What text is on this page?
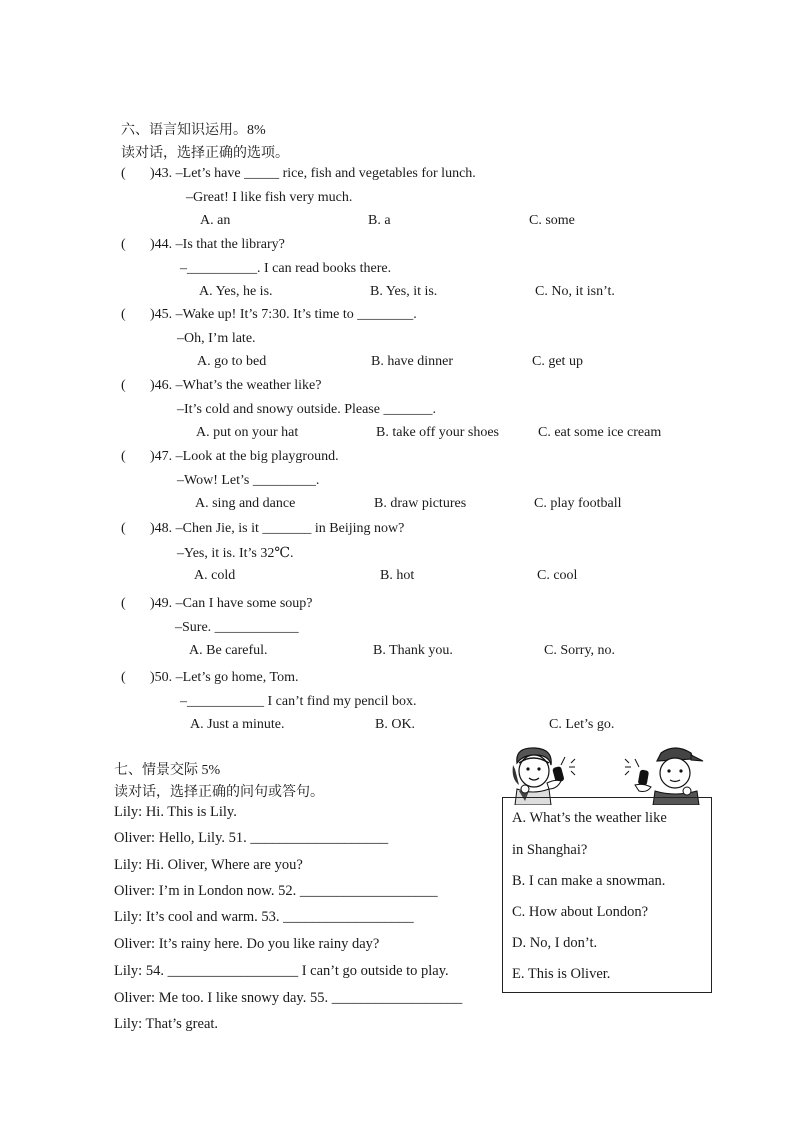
六、语言知识运用。8%
读对话，选择正确的选项。
( )43. –Let’s have _____ rice, fish and vegetables for lunch.
–Great! I like fish very much.
A. an	B. a	C. some
( )44. –Is that the library?
–__________. I can read books there.
A. Yes, he is.	B. Yes, it is.	C. No, it isn’t.
( )45. –Wake up! It’s 7:30. It’s time to ________.
–Oh, I’m late.
A. go to bed	B. have dinner	C. get up
( )46. –What’s the weather like?
–It’s cold and snowy outside. Please _______.
A. put on your hat	B. take off your shoes	C. eat some ice cream
( )47. –Look at the big playground.
–Wow! Let’s _________.
A. sing and dance	B. draw pictures	C. play football
( )48. –Chen Jie, is it _______ in Beijing now?
–Yes, it is. It’s 32℃.
A. cold	B. hot	C. cool
( )49. –Can I have some soup?
–Sure. ____________
A. Be careful.	B. Thank you.	C. Sorry, no.
( )50. –Let’s go home, Tom.
–___________ I can’t find my pencil box.
A. Just a minute.	B. OK.	C. Let’s go.
七、情景交际 5%
读对话，选择正确的问句或答句。
Lily: Hi. This is Lily.
Oliver: Hello, Lily. 51. ___________________
Lily: Hi. Oliver, Where are you?
Oliver: I’m in London now. 52. ___________________
Lily: It’s cool and warm. 53. __________________
Oliver: It’s rainy here. Do you like rainy day?
Lily: 54. __________________ I can’t go outside to play.
Oliver: Me too. I like snowy day. 55. __________________
Lily: That’s great.
A. What’s the weather like
in Shanghai?
B. I can make a snowman.
C. How about London?
D. No, I don’t.
E. This is Oliver.
